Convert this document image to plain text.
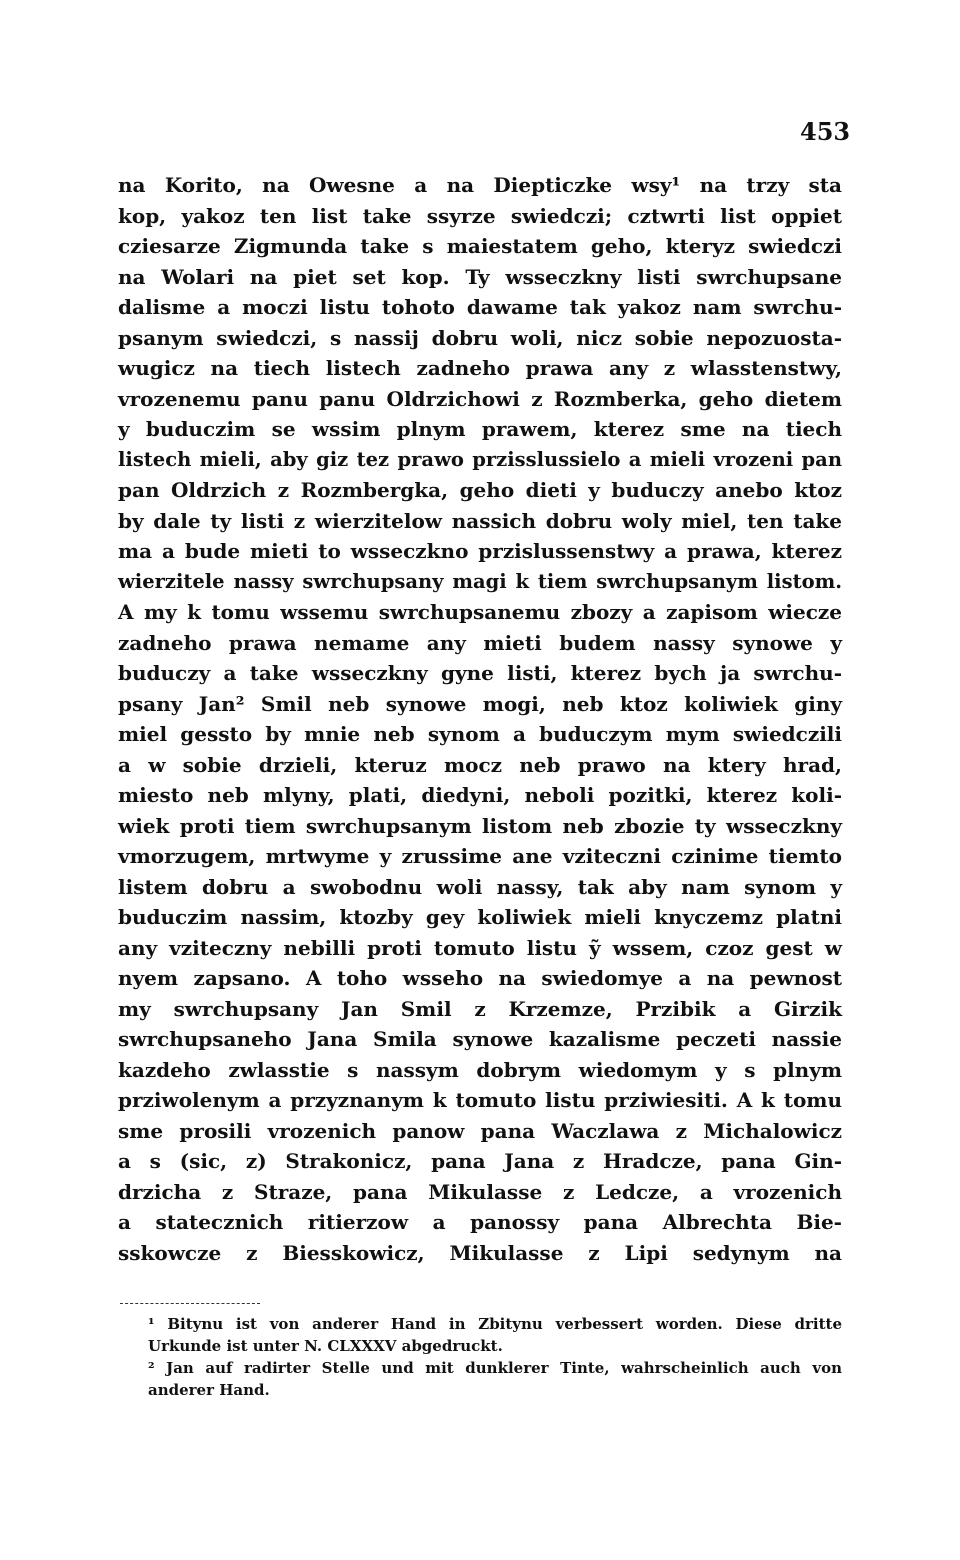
453
na Korito, na Owesne a na Diepticzke wsy¹ na trzy sta
kop, yakoz ten list take ssyrze swiedczi; cztwrti list oppiet
cziesarze Zigmunda take s maiestatem geho, kteryz swiedczi
na Wolari na piet set kop. Ty wsseczkny listi swrchupsane
dalisme a moczi listu tohoto dawame tak yakoz nam swrchu-
psanym swiedczi, s nassij dobru woli, nicz sobie nepozuosta-
wugicz na tiech listech zadneho prawa any z wlasstenstwy,
vrozenemu panu panu Oldrzichowi z Rozmberka, geho dietem
y buduczim se wssim plnym prawem, kterez sme na tiech
listech mieli, aby giz tez prawo przisslussielo a mieli vrozeni pan
pan Oldrzich z Rozmbergka, geho dieti y buduczy anebo ktoz
by dale ty listi z wierzitelow nassich dobru woly miel, ten take
ma a bude mieti to wsseczkno przislussenstwy a prawa, kterez
wierzitele nassy swrchupsany magi k tiem swrchupsanym listom.
A my k tomu wssemu swrchupsanemu zbozy a zapisom wiecze
zadneho prawa nemame any mieti budem nassy synowe y
buduczy a take wsseczkny gyne listi, kterez bych ja swrchu-
psany Jan² Smil neb synowe mogi, neb ktoz koliwiek giny
miel gessto by mnie neb synom a buduczym mym swiedczili
a w sobie drzieli, kteruz mocz neb prawo na ktery hrad,
miesto neb mlyny, plati, diedyni, neboli pozitki, kterez koli-
wiek proti tiem swrchupsanym listom neb zbozie ty wsseczkny
vmorzugem, mrtwyme y zrussime ane vziteczni czinime tiemto
listem dobru a swobodnu woli nassy, tak aby nam synom y
buduczim nassim, ktozby gey koliwiek mieli knyczemz platni
any vziteczny nebilli proti tomuto listu ỹ wssem, czoz gest w
nyem zapsano. A toho wsseho na swiedomye a na pewnost
my swrchupsany Jan Smil z Krzemze, Przibik a Girzik
swrchupsaneho Jana Smila synowe kazalisme peczeti nassie
kazdeho zwlasstie s nassym dobrym wiedomym y s plnym
prziwolenym a przyznanym k tomuto listu prziwiesiti. A k tomu
sme prosili vrozenich panow pana Waczlawa z Michalowicz
a s (sic, z) Strakonicz, pana Jana z Hradcze, pana Gin-
drzicha z Straze, pana Mikulasse z Ledcze, a vrozenich
a statecznich ritierzow a panossy pana Albrechta Bie-
sskowcze z Biesskowicz, Mikulasse z Lipi sedynym na
¹ Bitynu ist von anderer Hand in Zbitynu verbessert worden. Diese dritte
Urkunde ist unter N. CLXXXV abgedruckt.
² Jan auf radirter Stelle und mit dunklerer Tinte, wahrscheinlich auch von
anderer Hand.
